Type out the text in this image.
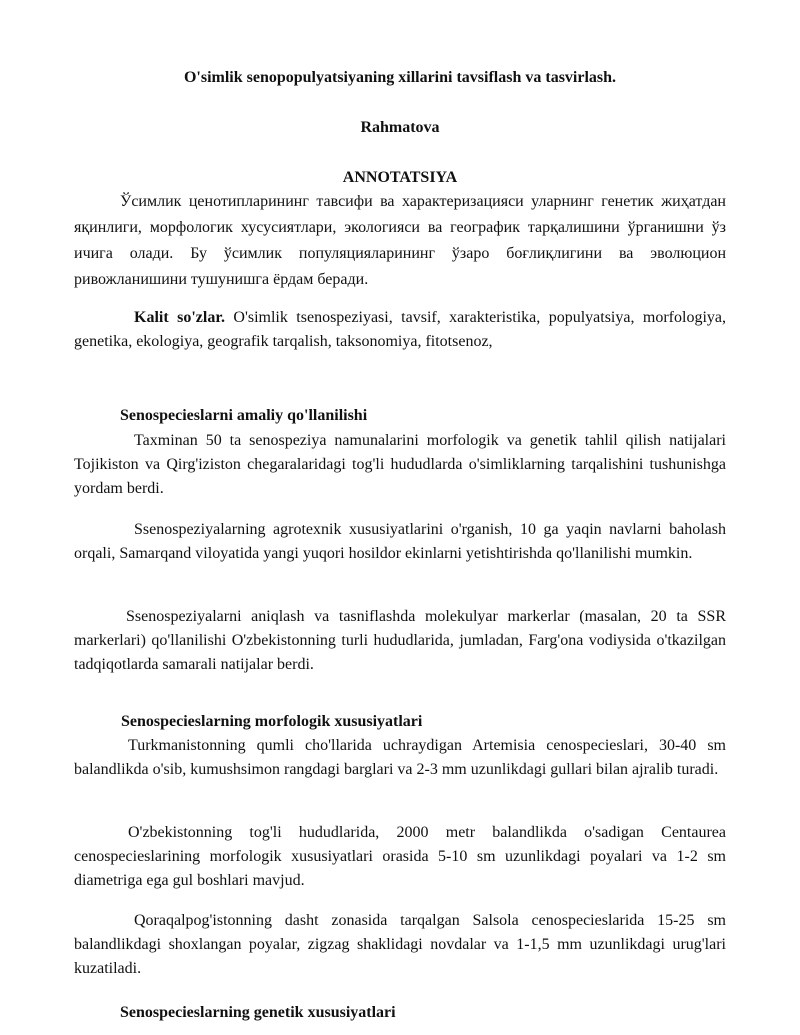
O'simlik senopopulyatsiyaning xillarini tavsiflash va tasvirlash.

Rahmatova

ANNOTATSIYA

Ўсимлик ценотипларининг тавсифи ва характеризацияси уларнинг генетик жиҳатдан яқинлиги, морфологик хусусиятлари, экологияси ва географик тарқалишини ўрганишни ўз ичига олади. Бу ўсимлик популяцияларининг ўзаро боғлиқлигини ва эволюцион ривожланишини тушунишга ёрдам беради.

Kalit so'zlar. O'simlik tsenospeziyasi, tavsif, xarakteristika, populyatsiya, morfologiya, genetika, ekologiya, geografik tarqalish, taksonomiya, fitotsenoz,

Senospecieslarni amaliy qo'llanilishi

Taxminan 50 ta senospeziya namunalarini morfologik va genetik tahlil qilish natijalari Tojikiston va Qirg'iziston chegaralaridagi tog'li hududlarda o'simliklarning tarqalishini tushunishga yordam berdi.

Ssenospeziyalarning agrotexnik xususiyatlarini o'rganish, 10 ga yaqin navlarni baholash orqali, Samarqand viloyatida yangi yuqori hosildor ekinlarni yetishtirishda qo'llanilishi mumkin.

Ssenospeziyalarni aniqlash va tasniflashda molekulyar markerlar (masalan, 20 ta SSR markerlari) qo'llanilishi O'zbekistonning turli hududlarida, jumladan, Farg'ona vodiysida o'tkazilgan tadqiqotlarda samarali natijalar berdi.

Senospecieslarning morfologik xususiyatlari

Turkmanistonning qumli cho'llarida uchraydigan Artemisia cenospecieslari, 30-40 sm balandlikda o'sib, kumushsimon rangdagi barglari va 2-3 mm uzunlikdagi gullari bilan ajralib turadi.

O'zbekistonning tog'li hududlarida, 2000 metr balandlikda o'sadigan Centaurea cenospecieslarining morfologik xususiyatlari orasida 5-10 sm uzunlikdagi poyalari va 1-2 sm diametriga ega gul boshlari mavjud.

Qoraqalpog'istonning dasht zonasida tarqalgan Salsola cenospecieslarida 15-25 sm balandlikdagi shoxlangan poyalar, zigzag shaklidagi novdalar va 1-1,5 mm uzunlikdagi urug'lari kuzatiladi.

Senospecieslarning genetik xususiyatlari
